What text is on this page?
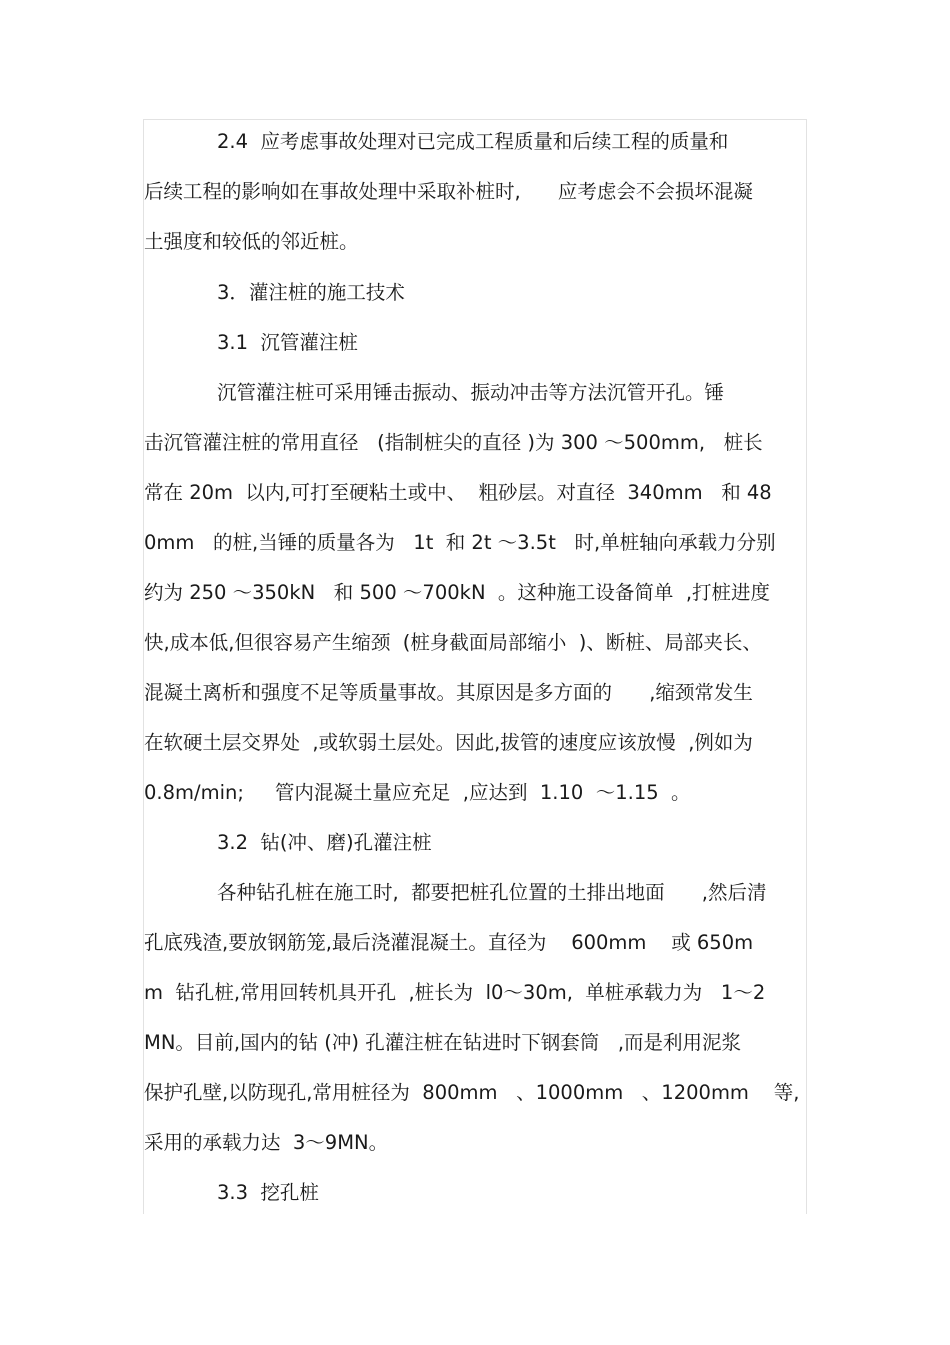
2.4  应考虑事故处理对已完成工程质量和后续工程的质量和
后续工程的影响如在事故处理中采取补桩时,      应考虑会不会损坏混凝
土强度和较低的邻近桩。
3．灌注桩的施工技术
3.1  沉管灌注桩
沉管灌注桩可采用锤击振动、振动冲击等方法沉管开孔。锤
击沉管灌注桩的常用直径   (指制桩尖的直径 )为 300 ～500mm,   桩长
常在 20m  以内,可打至硬粘土或中、  粗砂层。对直径  340mm   和 48
0mm   的桩,当锤的质量各为   1t  和 2t ～3.5t   时,单桩轴向承载力分别
约为 250 ～350kN   和 500 ～700kN  。这种施工设备简单  ,打桩进度
快,成本低,但很容易产生缩颈  (桩身截面局部缩小  )、断桩、局部夹长、
混凝土离析和强度不足等质量事故。其原因是多方面的      ,缩颈常发生
在软硬土层交界处  ,或软弱土层处。因此,拔管的速度应该放慢  ,例如为
0.8m/min;     管内混凝土量应充足  ,应达到  1.10  ～1.15  。
3.2  钻(冲、磨)孔灌注桩
各种钻孔桩在施工时,  都要把桩孔位置的土排出地面      ,然后清
孔底残渣,要放钢筋笼,最后浇灌混凝土。直径为    600mm    或 650m
m  钻孔桩,常用回转机具开孔  ,桩长为  l0～30m,  单桩承载力为   1～2
MN。目前,国内的钻 (冲) 孔灌注桩在钻进时下钢套筒   ,而是利用泥浆
保护孔壁,以防现孔,常用桩径为  800mm   、1000mm   、1200mm    等,
采用的承载力达  3～9MN。
3.3  挖孔桩
